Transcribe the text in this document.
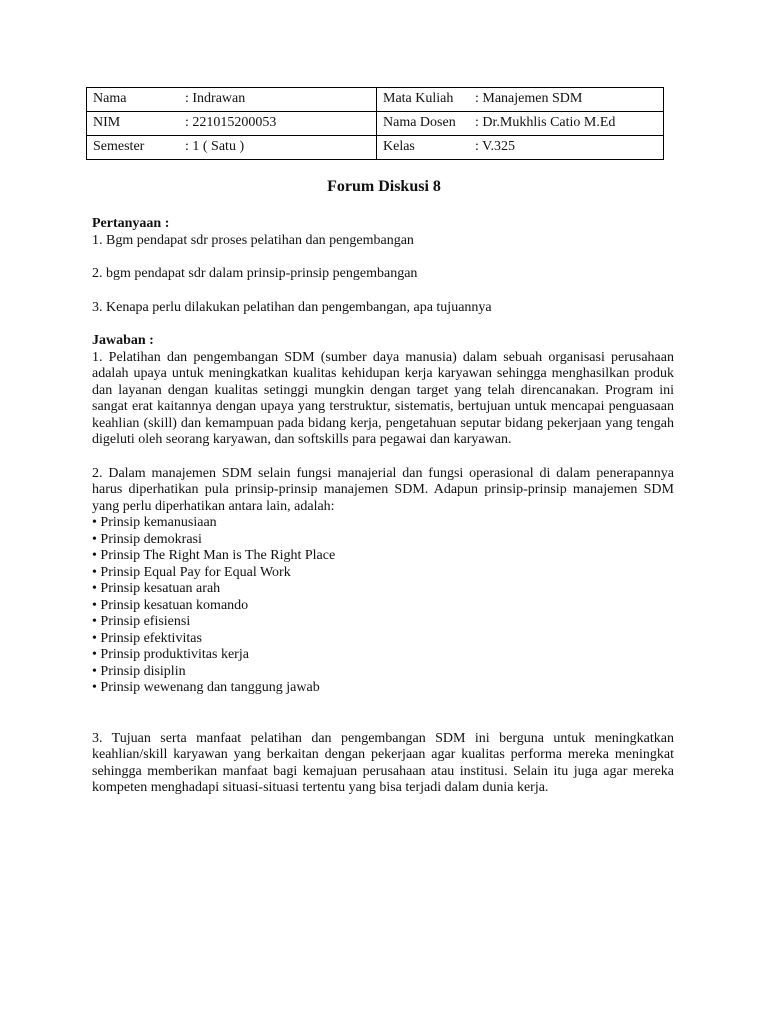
Nama : Indrawan	Mata Kuliah : Manajemen SDM
NIM : 221015200053	Nama Dosen : Dr.Mukhlis Catio M.Ed
Semester : 1 ( Satu )	Kelas : V.325
Forum Diskusi 8

Pertanyaan :

1. Bgm pendapat sdr proses pelatihan dan pengembangan

2. bgm pendapat sdr dalam prinsip-prinsip pengembangan

3. Kenapa perlu dilakukan pelatihan dan pengembangan, apa tujuannya

Jawaban :

1. Pelatihan dan pengembangan SDM (sumber daya manusia) dalam sebuah organisasi perusahaan adalah upaya untuk meningkatkan kualitas kehidupan kerja karyawan sehingga menghasilkan produk dan layanan dengan kualitas setinggi mungkin dengan target yang telah direncanakan. Program ini sangat erat kaitannya dengan upaya yang terstruktur, sistematis, bertujuan untuk mencapai penguasaan keahlian (skill) dan kemampuan pada bidang kerja, pengetahuan seputar bidang pekerjaan yang tengah digeluti oleh seorang karyawan, dan softskills para pegawai dan karyawan.

2. Dalam manajemen SDM selain fungsi manajerial dan fungsi operasional di dalam penerapannya harus diperhatikan pula prinsip-prinsip manajemen SDM. Adapun prinsip-prinsip manajemen SDM yang perlu diperhatikan antara lain, adalah:

• Prinsip kemanusiaan
• Prinsip demokrasi
• Prinsip The Right Man is The Right Place
• Prinsip Equal Pay for Equal Work
• Prinsip kesatuan arah
• Prinsip kesatuan komando
• Prinsip efisiensi
• Prinsip efektivitas
• Prinsip produktivitas kerja
• Prinsip disiplin
• Prinsip wewenang dan tanggung jawab

3. Tujuan serta manfaat pelatihan dan pengembangan SDM ini berguna untuk meningkatkan keahlian/skill karyawan yang berkaitan dengan pekerjaan agar kualitas performa mereka meningkat sehingga memberikan manfaat bagi kemajuan perusahaan atau institusi. Selain itu juga agar mereka kompeten menghadapi situasi-situasi tertentu yang bisa terjadi dalam dunia kerja.
